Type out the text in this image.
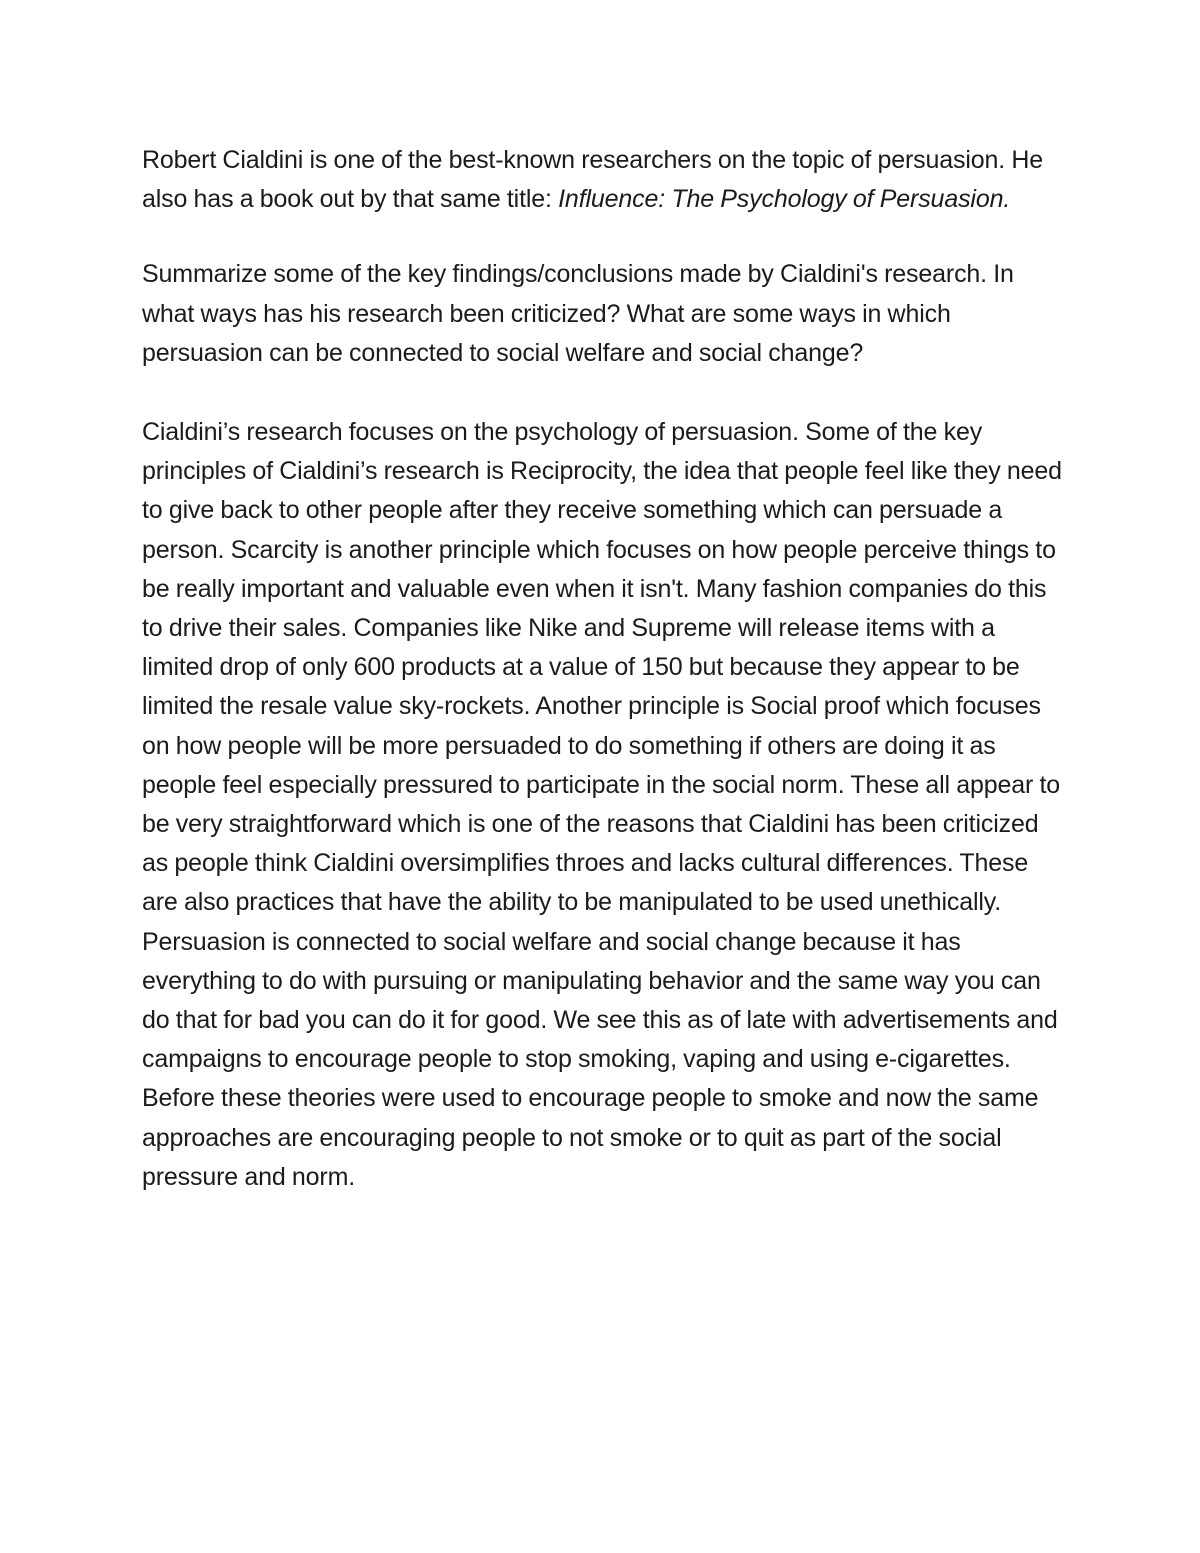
Robert Cialdini is one of the best-known researchers on the topic of persuasion. He also has a book out by that same title: Influence: The Psychology of Persuasion.

Summarize some of the key findings/conclusions made by Cialdini's research. In what ways has his research been criticized? What are some ways in which persuasion can be connected to social welfare and social change?

Cialdini’s research focuses on the psychology of persuasion. Some of the key principles of Cialdini’s research is Reciprocity, the idea that people feel like they need to give back to other people after they receive something which can persuade a person. Scarcity is another principle which focuses on how people perceive things to be really important and valuable even when it isn't. Many fashion companies do this to drive their sales. Companies like Nike and Supreme will release items with a limited drop of only 600 products at a value of 150 but because they appear to be limited the resale value sky-rockets. Another principle is Social proof which focuses on how people will be more persuaded to do something if others are doing it as people feel especially pressured to participate in the social norm. These all appear to be very straightforward which is one of the reasons that Cialdini has been criticized as people think Cialdini oversimplifies throes and lacks cultural differences. These are also practices that have the ability to be manipulated to be used unethically. Persuasion is connected to social welfare and social change because it has everything to do with pursuing or manipulating behavior and the same way you can do that for bad you can do it for good. We see this as of late with advertisements and campaigns to encourage people to stop smoking, vaping and using e-cigarettes. Before these theories were used to encourage people to smoke and now the same approaches are encouraging people to not smoke or to quit as part of the social pressure and norm.
